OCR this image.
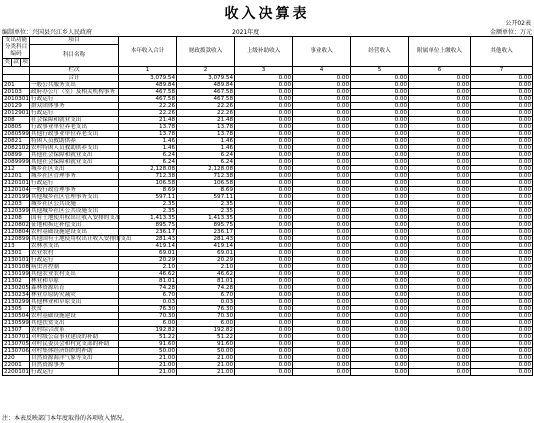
收入决算表
公开02表
编制单位：兴国县兴江乡人民政府	2021年度	金额单位：万元
支出功能分类科目编码			项目	本年收入合计	财政拨款收入	上级补助收入	事业收入	经营收入	附属单位上缴收入	其他收入
			科目名称							
类	款	项								
			栏次	1	2	3	4	5	6	7
			合计	3,079.54	3,079.54	0.00	0.00	0.00	0.00	0.00
201			一般公共服务支出	489.84	489.84	0.00	0.00	0.00	0.00	0.00
20103			政府办公厅（室）及相关机构事务	467.58	467.58	0.00	0.00	0.00	0.00	0.00
2010301			行政运行	467.58	467.58	0.00	0.00	0.00	0.00	0.00
20129			群众团体事务	22.26	22.26	0.00	0.00	0.00	0.00	0.00
2012901			行政运行	22.26	22.26	0.00	0.00	0.00	0.00	0.00
208			社会保障和就业支出	21.48	21.48	0.00	0.00	0.00	0.00	0.00
20805			行政事业单位养老支出	13.78	13.78	0.00	0.00	0.00	0.00	0.00
2080599			其他行政事业单位养老支出	13.78	13.78	0.00	0.00	0.00	0.00	0.00
20821			特困人员救助供养	1.46	1.46	0.00	0.00	0.00	0.00	0.00
2082102			农村特困人员救助供养支出	1.46	1.46	0.00	0.00	0.00	0.00	0.00
20899			其他社会保障和就业支出	6.24	6.24	0.00	0.00	0.00	0.00	0.00
2089999			其他社会保障和就业支出	6.24	6.24	0.00	0.00	0.00	0.00	0.00
212			城乡社区支出	2,128.08	2,128.08	0.00	0.00	0.00	0.00	0.00
21201			城乡社区管理事务	712.38	712.38	0.00	0.00	0.00	0.00	0.00
2120101			行政运行	106.58	106.58	0.00	0.00	0.00	0.00	0.00
2120104			一般行政管理事务	8.69	8.69	0.00	0.00	0.00	0.00	0.00
2120199			其他城乡社区管理事务支出	597.11	597.11	0.00	0.00	0.00	0.00	0.00
21203			城乡社区公共设施	2.35	2.35	0.00	0.00	0.00	0.00	0.00
2120399			其他城乡社区公共设施支出	2.35	2.35	0.00	0.00	0.00	0.00	0.00
21208			国有土地使用权出让收入安排的支出	1,413.35	1,413.35	0.00	0.00	0.00	0.00	0.00
2120802			征地和拆迁补偿支出	895.75	895.75	0.00	0.00	0.00	0.00	0.00
2120804			农村基础设施建设支出	236.17	236.17	0.00	0.00	0.00	0.00	0.00
2120899			其他国有土地使用权出让收入安排的支出	281.43	281.43	0.00	0.00	0.00	0.00	0.00
213			农林水支出	419.14	419.14	0.00	0.00	0.00	0.00	0.00
21301			农业农村	69.01	69.01	0.00	0.00	0.00	0.00	0.00
2130101			行政运行	20.29	20.29	0.00	0.00	0.00	0.00	0.00
2130108			病虫害控制	2.10	2.10	0.00	0.00	0.00	0.00	0.00
2130199			其他农业农村支出	46.62	46.62	0.00	0.00	0.00	0.00	0.00
21302			林业和草原	81.01	81.01	0.00	0.00	0.00	0.00	0.00
2130205			森林资源培育	74.28	74.28	0.00	0.00	0.00	0.00	0.00
2130234			林业草原防灾减灾	6.70	6.70	0.00	0.00	0.00	0.00	0.00
2130299			其他林业和草原支出	0.03	0.03	0.00	0.00	0.00	0.00	0.00
21305			扶贫	76.30	76.30	0.00	0.00	0.00	0.00	0.00
2130504			农村基础设施建设	70.30	70.30	0.00	0.00	0.00	0.00	0.00
2130599			其他扶贫支出	6.00	6.00	0.00	0.00	0.00	0.00	0.00
21307			农村综合改革	192.82	192.82	0.00	0.00	0.00	0.00	0.00
2130701			对村级公益事业建设的补助	51.22	51.22	0.00	0.00	0.00	0.00	0.00
2130705			对村民委员会和村党支部的补助	91.60	91.60	0.00	0.00	0.00	0.00	0.00
2130706			对村集体经济组织的补助	50.00	50.00	0.00	0.00	0.00	0.00	0.00
220			自然资源海洋气象等支出	21.00	21.00	0.00	0.00	0.00	0.00	0.00
22001			自然资源事务	21.00	21.00	0.00	0.00	0.00	0.00	0.00
2200101			行政运行	21.00	21.00	0.00	0.00	0.00	0.00	0.00
注：本表反映部门本年度取得的各项收入情况。
